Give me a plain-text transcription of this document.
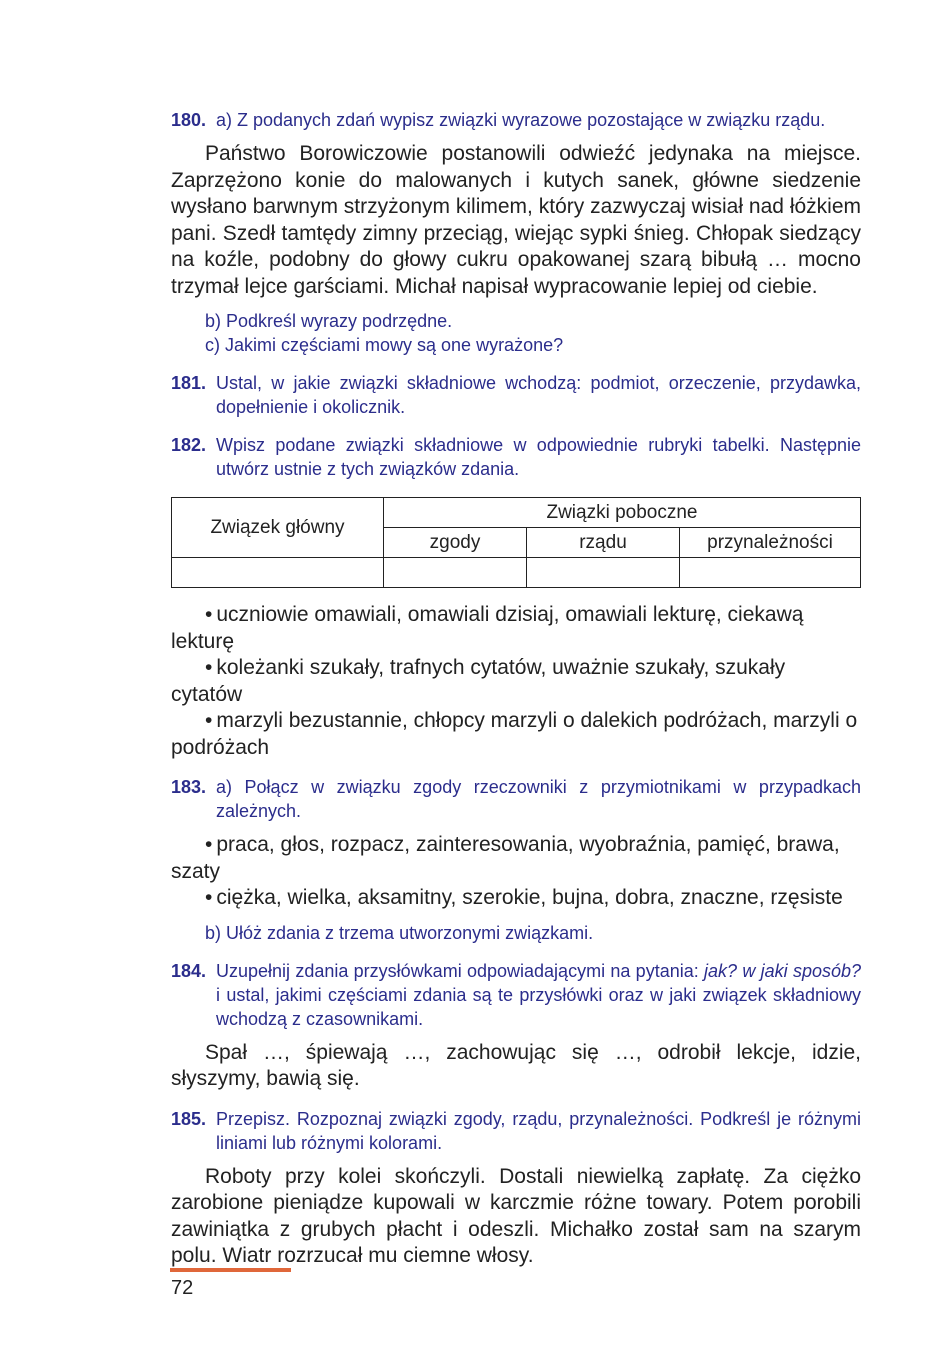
180. a) Z podanych zdań wypisz związki wyrazowe pozostające w związku rządu.
Państwo Borowiczowie postanowili odwieźć jedynaka na miejsce. Zaprzężono konie do malowanych i kutych sanek, główne siedzenie wysłano barwnym strzyżonym kilimem, który zazwyczaj wisiał nad łóżkiem pani. Szedł tamtędy zimny przeciąg, wiejąc sypki śnieg. Chłopak siedzący na koźle, podobny do głowy cukru opakowanej szarą bibułą … mocno trzymał lejce garściami. Michał napisał wypracowanie lepiej od ciebie.
b) Podkreśl wyrazy podrzędne.
c) Jakimi częściami mowy są one wyrażone?
181. Ustal, w jakie związki składniowe wchodzą: podmiot, orzeczenie, przydawka, dopełnienie i okolicznik.
182. Wpisz podane związki składniowe w odpowiednie rubryki tabelki. Następnie utwórz ustnie z tych związków zdania.
Związek główny	Związki poboczne		
	zgody	rządu	przynależności

• uczniowie omawiali, omawiali dzisiaj, omawiali lekturę, ciekawą lekturę
• koleżanki szukały, trafnych cytatów, uważnie szukały, szukały cytatów
• marzyli bezustannie, chłopcy marzyli o dalekich podróżach, marzyli o podróżach
183. a) Połącz w związku zgody rzeczowniki z przymiotnikami w przypadkach zależnych.
• praca, głos, rozpacz, zainteresowania, wyobraźnia, pamięć, brawa, szaty
• ciężka, wielka, aksamitny, szerokie, bujna, dobra, znaczne, rzęsiste
b) Ułóż zdania z trzema utworzonymi związkami.
184. Uzupełnij zdania przysłówkami odpowiadającymi na pytania: jak? w jaki sposób? i ustal, jakimi częściami zdania są te przysłówki oraz w jaki związek składniowy wchodzą z czasownikami.
Spał …, śpiewają …, zachowując się …, odrobił lekcje, idzie, słyszymy, bawią się.
185. Przepisz. Rozpoznaj związki zgody, rządu, przynależności. Podkreśl je różnymi liniami lub różnymi kolorami.
Roboty przy kolei skończyli. Dostali niewielką zapłatę. Za ciężko zarobione pieniądze kupowali w karczmie różne towary. Potem porobili zawiniątka z grubych płacht i odeszli. Michałko został sam na szarym polu. Wiatr rozrzucał mu ciemne włosy.
72
